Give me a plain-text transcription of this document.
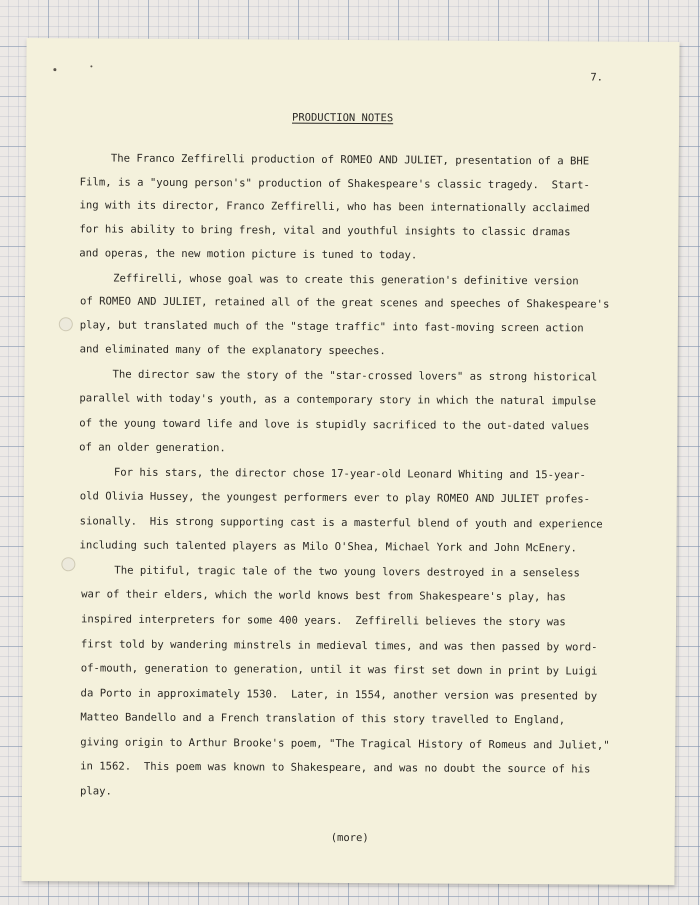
7.
PRODUCTION NOTES
The Franco Zeffirelli production of ROMEO AND JULIET, presentation of a BHE
Film, is a "young person's" production of Shakespeare's classic tragedy.  Start-
ing with its director, Franco Zeffirelli, who has been internationally acclaimed
for his ability to bring fresh, vital and youthful insights to classic dramas
and operas, the new motion picture is tuned to today.
Zeffirelli, whose goal was to create this generation's definitive version
of ROMEO AND JULIET, retained all of the great scenes and speeches of Shakespeare's
play, but translated much of the "stage traffic" into fast-moving screen action
and eliminated many of the explanatory speeches.
The director saw the story of the "star-crossed lovers" as strong historical
parallel with today's youth, as a contemporary story in which the natural impulse
of the young toward life and love is stupidly sacrificed to the out-dated values
of an older generation.
For his stars, the director chose 17-year-old Leonard Whiting and 15-year-
old Olivia Hussey, the youngest performers ever to play ROMEO AND JULIET profes-
sionally.  His strong supporting cast is a masterful blend of youth and experience
including such talented players as Milo O'Shea, Michael York and John McEnery.
The pitiful, tragic tale of the two young lovers destroyed in a senseless
war of their elders, which the world knows best from Shakespeare's play, has
inspired interpreters for some 400 years.  Zeffirelli believes the story was
first told by wandering minstrels in medieval times, and was then passed by word-
of-mouth, generation to generation, until it was first set down in print by Luigi
da Porto in approximately 1530.  Later, in 1554, another version was presented by
Matteo Bandello and a French translation of this story travelled to England,
giving origin to Arthur Brooke's poem, "The Tragical History of Romeus and Juliet,"
in 1562.  This poem was known to Shakespeare, and was no doubt the source of his
play.
(more)
